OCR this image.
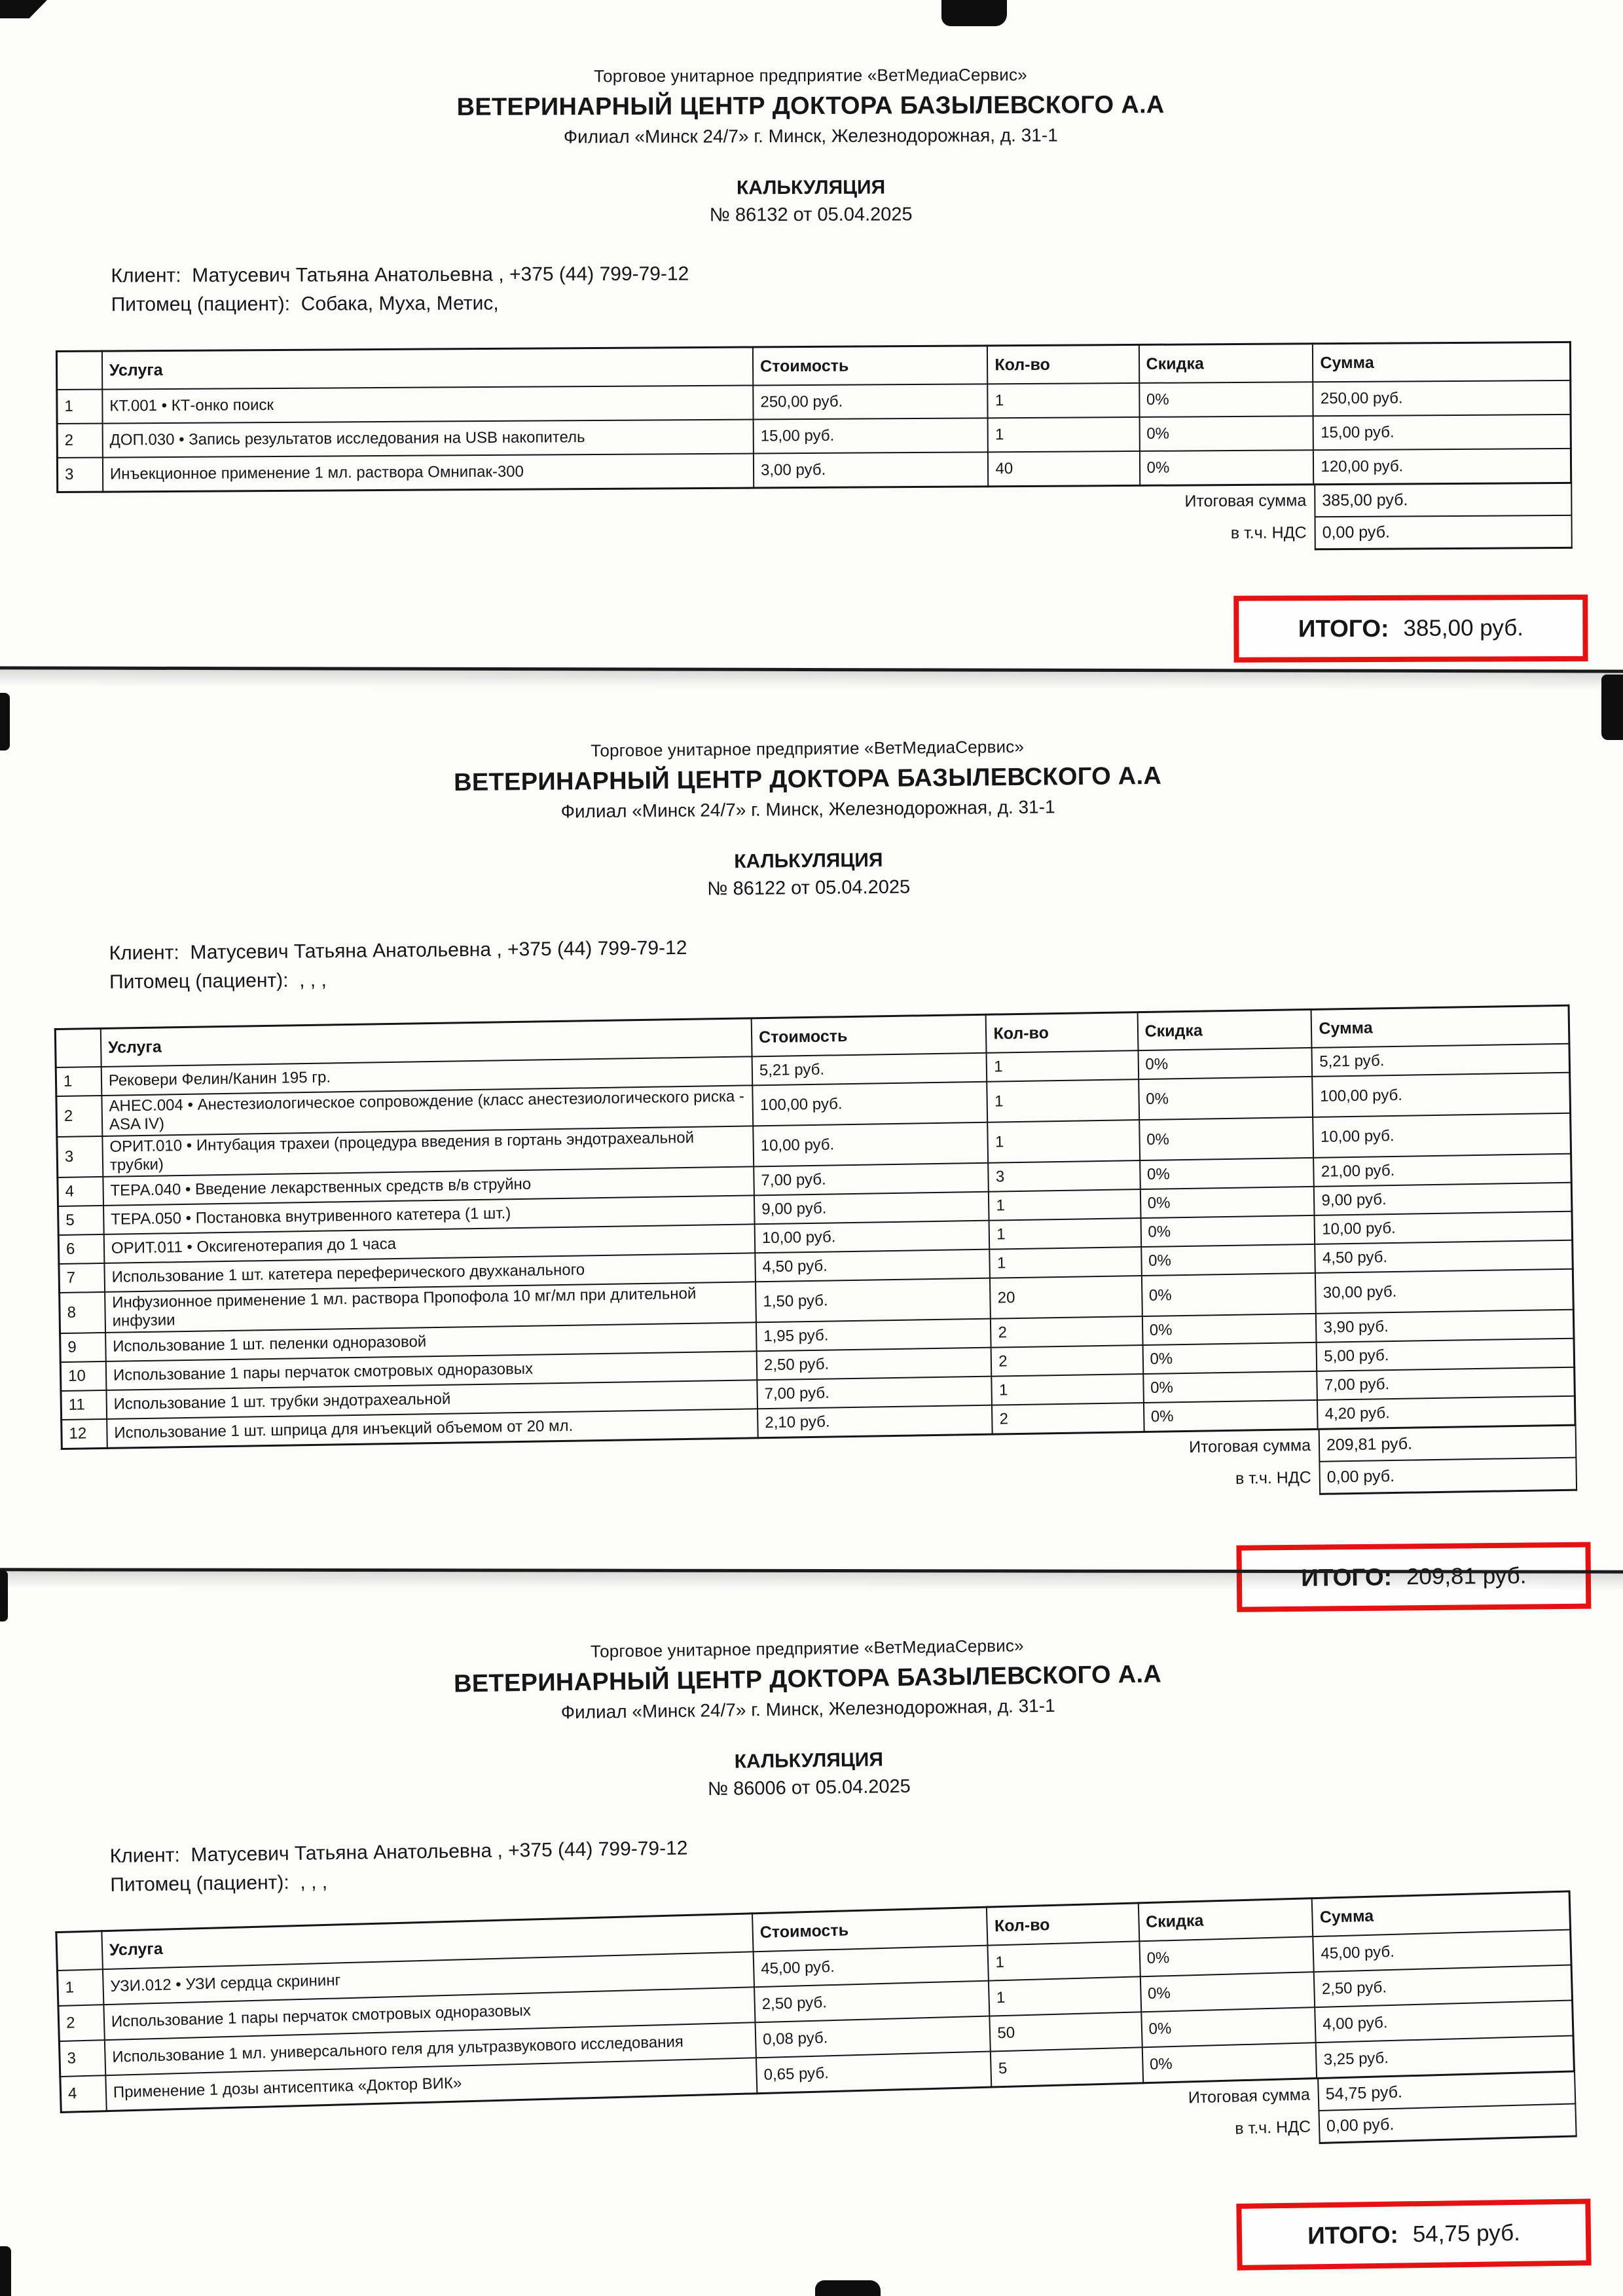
Торговое унитарное предприятие «ВетМедиаСервис»
ВЕТЕРИНАРНЫЙ ЦЕНТР ДОКТОРА БАЗЫЛЕВСКОГО А.А
Филиал «Минск 24/7» г. Минск, Железнодорожная, д. 31-1
КАЛЬКУЛЯЦИЯ
№ 86132 от 05.04.2025
Клиент: Матусевич Татьяна Анатольевна , +375 (44) 799-79-12
Питомец (пациент): Собака, Муха, Метис,
	Услуга	Стоимость	Кол-во	Скидка	Сумма
1	КТ.001 • КТ-онко поиск	250,00 руб.	1	0%	250,00 руб.
2	ДОП.030 • Запись результатов исследования на USB накопитель	15,00 руб.	1	0%	15,00 руб.
3	Инъекционное применение 1 мл. раствора Омнипак-300	3,00 руб.	40	0%	120,00 руб.
Итоговая сумма 385,00 руб.
в т.ч. НДС 0,00 руб.
ИТОГО: 385,00 руб.
Торговое унитарное предприятие «ВетМедиаСервис»
ВЕТЕРИНАРНЫЙ ЦЕНТР ДОКТОРА БАЗЫЛЕВСКОГО А.А
Филиал «Минск 24/7» г. Минск, Железнодорожная, д. 31-1
КАЛЬКУЛЯЦИЯ
№ 86122 от 05.04.2025
Клиент: Матусевич Татьяна Анатольевна , +375 (44) 799-79-12
Питомец (пациент): , , ,
	Услуга	Стоимость	Кол-во	Скидка	Сумма
1	Рековери Фелин/Канин 195 гр.	5,21 руб.	1	0%	5,21 руб.
2	АНЕС.004 • Анестезиологическое сопровождение (класс анестезиологического риска - ASA IV)	100,00 руб.	1	0%	100,00 руб.
3	ОРИТ.010 • Интубация трахеи (процедура введения в гортань эндотрахеальной трубки)	10,00 руб.	1	0%	10,00 руб.
4	ТЕРА.040 • Введение лекарственных средств в/в струйно	7,00 руб.	3	0%	21,00 руб.
5	ТЕРА.050 • Постановка внутривенного катетера (1 шт.)	9,00 руб.	1	0%	9,00 руб.
6	ОРИТ.011 • Оксигенотерапия до 1 часа	10,00 руб.	1	0%	10,00 руб.
7	Использование 1 шт. катетера переферического двухканального	4,50 руб.	1	0%	4,50 руб.
8	Инфузионное применение 1 мл. раствора Пропофола 10 мг/мл при длительной инфузии	1,50 руб.	20	0%	30,00 руб.
9	Использование 1 шт. пеленки одноразовой	1,95 руб.	2	0%	3,90 руб.
10	Использование 1 пары перчаток смотровых одноразовых	2,50 руб.	2	0%	5,00 руб.
11	Использование 1 шт. трубки эндотрахеальной	7,00 руб.	1	0%	7,00 руб.
12	Использование 1 шт. шприца для инъекций объемом от 20 мл.	2,10 руб.	2	0%	4,20 руб.
Итоговая сумма 209,81 руб.
в т.ч. НДС 0,00 руб.
Торговое унитарное предприятие «ВетМедиаСервис»
ВЕТЕРИНАРНЫЙ ЦЕНТР ДОКТОРА БАЗЫЛЕВСКОГО А.А
Филиал «Минск 24/7» г. Минск, Железнодорожная, д. 31-1
КАЛЬКУЛЯЦИЯ
№ 86006 от 05.04.2025
Клиент: Матусевич Татьяна Анатольевна , +375 (44) 799-79-12
Питомец (пациент): , , ,
	Услуга	Стоимость	Кол-во	Скидка	Сумма
1	УЗИ.012 • УЗИ сердца скрининг	45,00 руб.	1	0%	45,00 руб.
2	Использование 1 пары перчаток смотровых одноразовых	2,50 руб.	1	0%	2,50 руб.
3	Использование 1 мл. универсального геля для ультразвукового исследования	0,08 руб.	50	0%	4,00 руб.
4	Применение 1 дозы антисептика «Доктор ВИК»	0,65 руб.	5	0%	3,25 руб.
Итоговая сумма 54,75 руб.
в т.ч. НДС 0,00 руб.
ИТОГО: 54,75 руб.
